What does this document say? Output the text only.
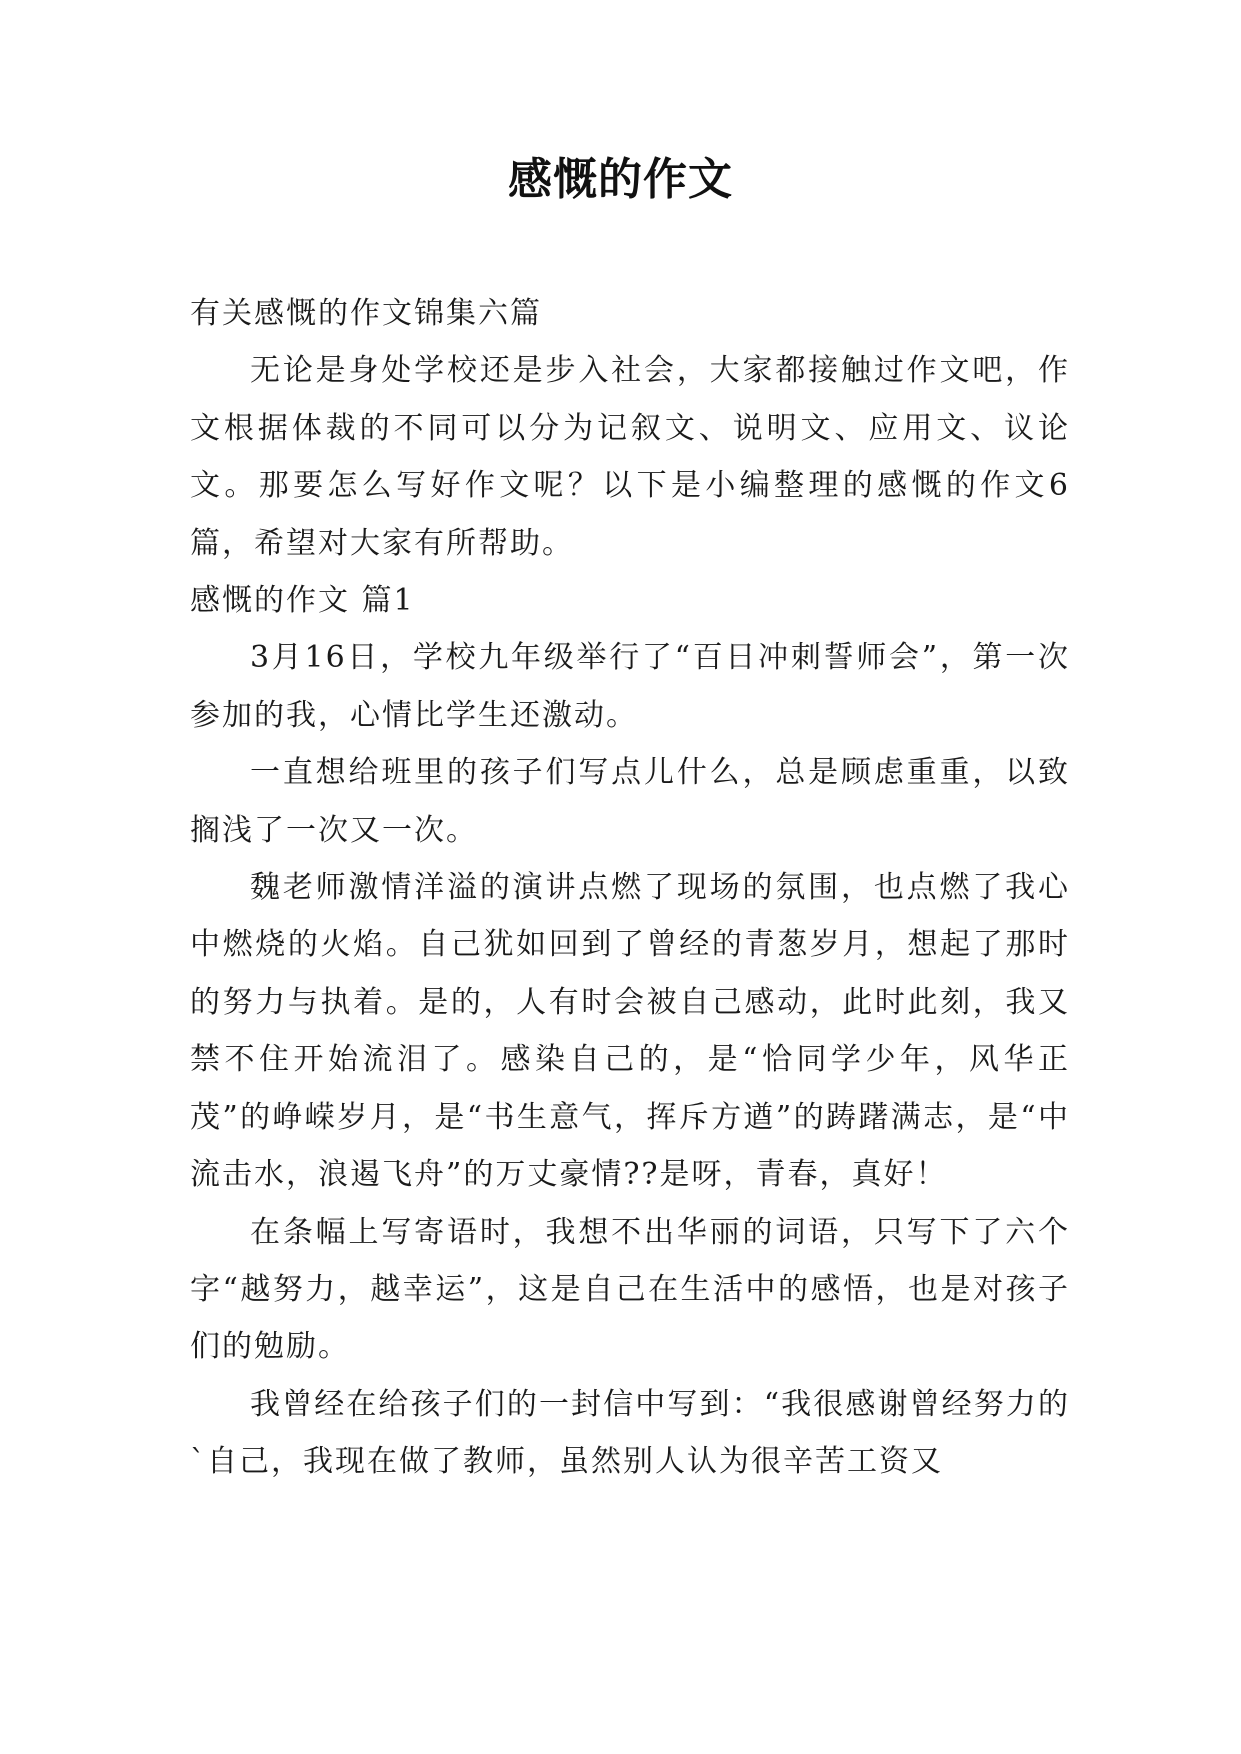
感慨的作文

有关感慨的作文锦集六篇

无论是身处学校还是步入社会，大家都接触过作文吧，作文根据体裁的不同可以分为记叙文、说明文、应用文、议论文。那要怎么写好作文呢？以下是小编整理的感慨的作文6篇，希望对大家有所帮助。

感慨的作文 篇1

3月16日，学校九年级举行了“百日冲刺誓师会”，第一次参加的我，心情比学生还激动。

一直想给班里的孩子们写点儿什么，总是顾虑重重，以致搁浅了一次又一次。

魏老师激情洋溢的演讲点燃了现场的氛围，也点燃了我心中燃烧的火焰。自己犹如回到了曾经的青葱岁月，想起了那时的努力与执着。是的，人有时会被自己感动，此时此刻，我又禁不住开始流泪了。感染自己的，是“恰同学少年，风华正茂”的峥嵘岁月，是“书生意气，挥斥方遒”的踌躇满志，是“中流击水，浪遏飞舟”的万丈豪情??是呀，青春，真好！

在条幅上写寄语时，我想不出华丽的词语，只写下了六个字“越努力，越幸运”，这是自己在生活中的感悟，也是对孩子们的勉励。

我曾经在给孩子们的一封信中写到：“我很感谢曾经努力的`自己，我现在做了教师，虽然别人认为很辛苦工资又
